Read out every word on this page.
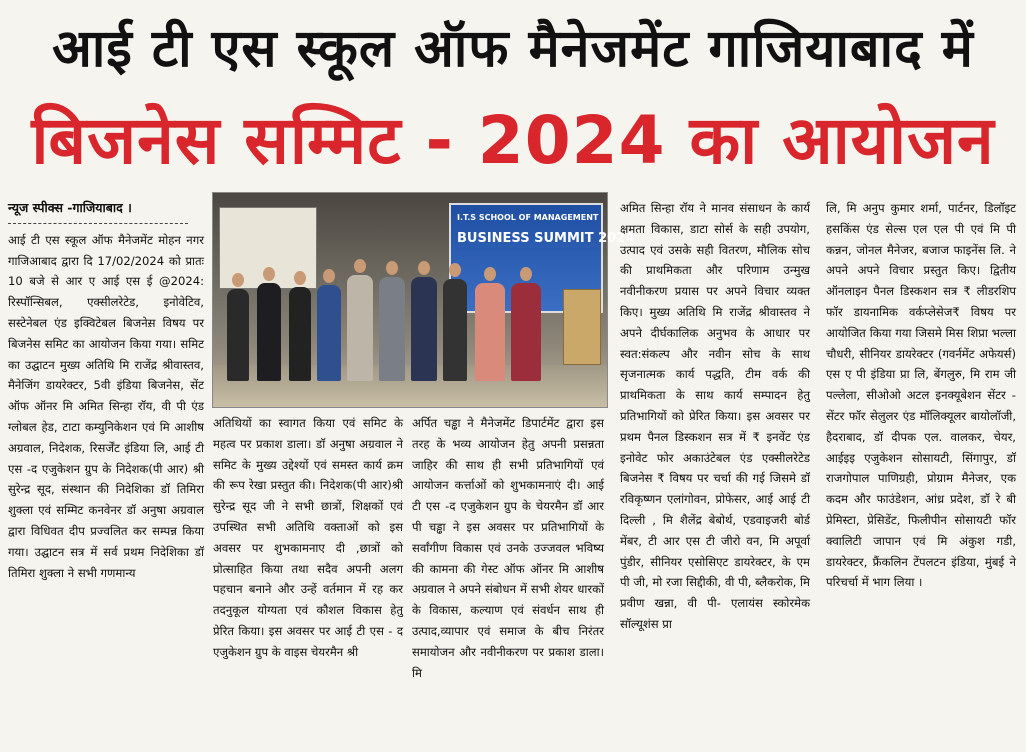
आई टी एस स्कूल ऑफ मैनेजमेंट गाजियाबाद में
बिजनेस सम्मिट - 2024 का आयोजन

न्यूज स्पीक्स -गाजियाबाद ।

आई टी एस स्कूल ऑफ मैनेजमेंट मोहन नगर गाजिआबाद द्वारा दि 17/02/2024 को प्रातः 10 बजे से आर ए आई एस ई @2024: रिस्पॉन्सिबल, एक्सीलरेटेड, इनोवेटिव, सस्टेनेबल एंड इक्विटेबल बिजनेस़ विषय पर बिजनेस समिट का आयोजन किया गया। समिट का उद्घाटन मुख्य अतिथि मि राजेंद्र श्रीवास्तव, मैनेजिंग डायरेक्टर, 5वी इंडिया बिजनेस, सेंट ऑफ ऑनर मि अमित सिन्हा रॉय, वी पी एंड ग्लोबल हेड, टाटा कम्युनिकेशन एवं मि आशीष अग्रवाल, निदेशक, रिसर्जेंट इंडिया लि, आई टी एस -द एजुकेशन ग्रुप के निदेशक(पी आर) श्री सुरेन्द्र सूद, संस्थान की निदेशिका डॉ तिमिरा शुक्ला एवं सम्मिट कनवेनर डॉ अनुषा अग्रवाल द्वारा विधिवत दीप प्रज्वलित कर सम्पन्न किया गया। उद्घाटन सत्र में सर्व प्रथम निदेशिका डॉ तिमिरा शुक्ला ने सभी गणमान्य

I.T.S SCHOOL OF MANAGEMENT
BUSINESS SUMMIT 2024

अतिथियों का स्वागत किया एवं समिट के महत्व पर प्रकाश डाला। डॉ अनुषा अग्रवाल ने समिट के मुख्य उद्देश्यों एवं समस्त कार्य क्रम की रूप रेखा प्रस्तुत की। निदेशक(पी आर)श्री सुरेन्द्र सूद जी ने सभी छात्रों, शिक्षकों एवं उपस्थित सभी अतिथि वक्ताओं को इस अवसर पर शुभकामनाए दी ,छात्रों को प्रोत्साहित किया तथा सदैव अपनी अलग पहचान बनाने और उन्हें वर्तमान में रह कर तदनुकूल योग्यता एवं कौशल विकास हेतु प्रेरित किया। इस अवसर पर आई टी एस - द एजुकेशन ग्रुप के वाइस चेयरमैन श्री

अर्पित चड्ढा ने मैनेजमेंट डिपार्टमेंट द्वारा इस तरह के भव्य आयोजन हेतु अपनी प्रसन्नता जाहिर की साथ ही सभी प्रतिभागियों एवं आयोजन कर्त्ताओं को शुभकामनाएं दी। आई टी एस -द एजुकेशन ग्रुप के चेयरमैन डॉ आर पी चड्ढा ने इस अवसर पर प्रतिभागियों के सर्वांगीण विकास एवं उनके उज्जवल भविष्य की कामना की गेस्ट ऑफ ऑनर मि आशीष अग्रवाल ने अपने संबोधन में सभी शेयर धारकों के विकास, कल्याण एवं संवर्धन साथ ही उत्पाद,व्यापार एवं समाज के बीच निरंतर समायोजन और नवीनीकरण पर प्रकाश डाला। मि

अमित सिन्हा रॉय ने मानव संसाधन के कार्य क्षमता विकास, डाटा सोर्स के सही उपयोग, उत्पाद एवं उसके सही वितरण, मौलिक सोच की प्राथमिकता और परिणाम उन्मुख नवीनीकरण प्रयास पर अपने विचार व्यक्त किए। मुख्य अतिथि मि राजेंद्र श्रीवास्तव ने अपने दीर्घकालिक अनुभव के आधार पर स्वत:संकल्प और नवीन सोच के साथ सृजनात्मक कार्य पद्धति, टीम वर्क की प्राथमिकता के साथ कार्य सम्पादन हेतु प्रतिभागियों को प्रेरित किया। इस अवसर पर प्रथम पैनल डिस्कशन सत्र में ₹ इनवेंट एंड इनोवेट फोर अकाउंटेबल एंड एक्सीलरेटेड बिजनेस ₹ विषय पर चर्चा की गई जिसमे डॉ रविकृष्णन एलांगोवन, प्रोफेसर, आई आई टी दिल्ली , मि शैलेंद्र बेबोर्थ, एडवाइजरी बोर्ड मेंबर, टी आर एस टी जीरो वन, मि अपूर्वा पुंडीर, सीनियर एसोसिएट डायरेक्टर, के एम पी जी, मो रजा सिद्दीकी, वी पी, ब्लैकरोक, मि प्रवीण खन्ना, वी पी- एलायंस स्कोरमेक सॉल्यूशंस प्रा

लि, मि अनुप कुमार शर्मा, पार्टनर, डिलॉइट हसकिंस एंड सेल्स एल एल पी एवं मि पी कन्नन, जोनल मैनेजर, बजाज फाइनेंस लि. ने अपने अपने विचार प्रस्तुत किए। द्वितीय ऑनलाइन पैनल डिस्कशन सत्र ₹ लीडरशिप फॉर डायनामिक वर्कप्लेसेज₹ विषय पर आयोजित किया गया जिसमे मिस शिप्रा भल्ला चौधरी, सीनियर डायरेक्टर (गवर्नमेंट अफेयर्स) एस ए पी इंडिया प्रा लि, बेंगलुरु, मि राम जी पल्लेला, सीओओ अटल इनक्यूबेशन सेंटर - सेंटर फॉर सेलुलर एंड मॉलिक्यूलर बायोलॉजी, हैदराबाद, डॉ दीपक एल. वालकर, चेयर, आईइइ एजुकेशन सोसायटी, सिंगापुर, डॉ राजगोपाल पाणिग्रही, प्रोग्राम मैनेजर, एक कदम और फाउंडेशन, आंध्र प्रदेश, डॉ रे बी प्रेमिस्टा, प्रेसिडेंट, फिलीपीन सोसायटी फॉर क्वालिटी जापान एवं मि अंकुश गडी, डायरेक्टर, फ्रैंकलिन टेंपलटन इंडिया, मुंबई ने परिचर्चा में भाग लिया ।
